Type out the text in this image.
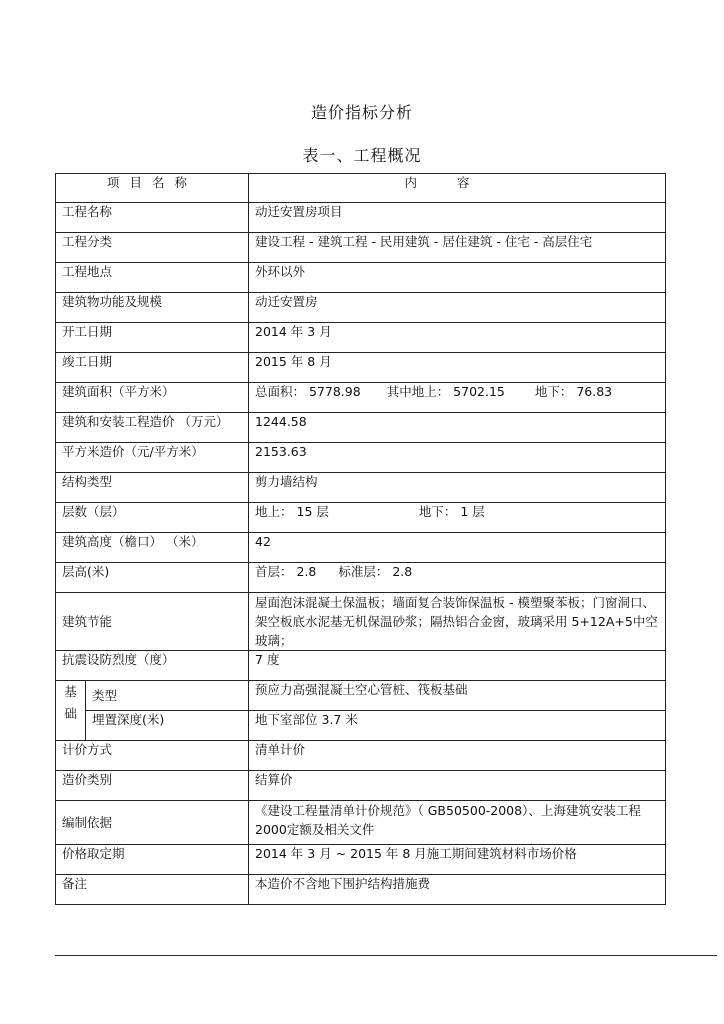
造价指标分析
表一、工程概况
项目名称		内容
工程名称		动迁安置房项目
工程分类		建设工程 - 建筑工程 - 民用建筑 - 居住建筑 - 住宅 - 高层住宅
工程地点		外环以外
建筑物功能及规模		动迁安置房
开工日期		2014 年 3 月
竣工日期		2015 年 8 月
建筑面积（平方米）		总面积： 5778.98 其中地上： 5702.15 地下： 76.83
建筑和安装工程造价 （万元）		1244.58
平方米造价（元/平方米）		2153.63
结构类型		剪力墙结构
层数（层）		地上： 15 层 地下： 1 层
建筑高度（檐口） （米）		42
层高(米)		首层： 2.8 标准层： 2.8
建筑节能		屋面泡沫混凝土保温板；墙面复合装饰保温板 - 模塑聚苯板；门窗洞口、架空板底水泥基无机保温砂浆；隔热铝合金窗，玻璃采用 5+12A+5中空玻璃；
抗震设防烈度（度）		7 度
基础	类型	预应力高强混凝土空心管桩、筏板基础
	埋置深度(米)	地下室部位 3.7 米
计价方式		清单计价
造价类别		结算价
编制依据		《建设工程量清单计价规范》（ GB50500-2008）、上海建筑安装工程 2000定额及相关文件
价格取定期		2014 年 3 月 ~ 2015 年 8 月施工期间建筑材料市场价格
备注		本造价不含地下围护结构措施费
